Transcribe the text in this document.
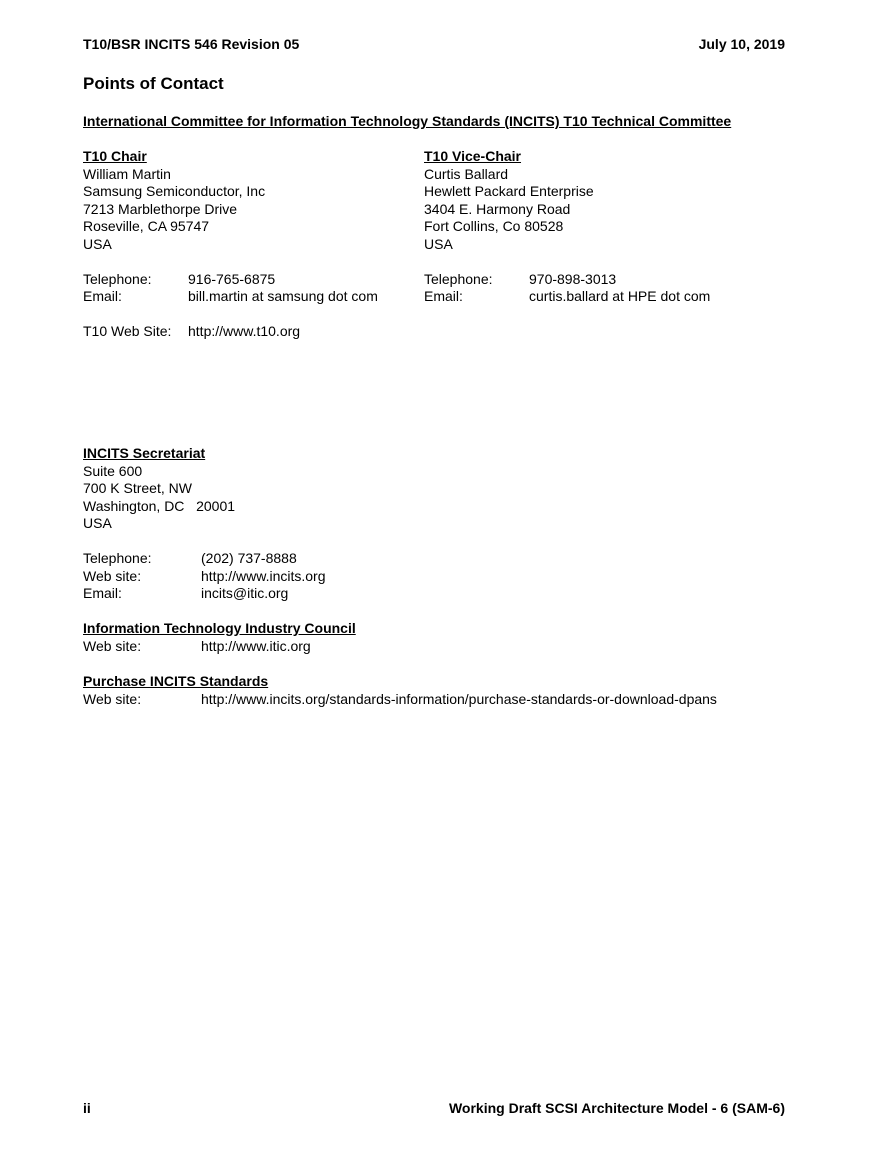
T10/BSR INCITS 546 Revision 05	July 10, 2019
Points of Contact
International Committee for Information Technology Standards (INCITS) T10 Technical Committee
T10 Chair
William Martin
Samsung Semiconductor, Inc
7213 Marblethorpe Drive
Roseville, CA 95747
USA
Telephone:	916-765-6875
Email:	bill.martin at samsung dot com
T10 Vice-Chair
Curtis Ballard
Hewlett Packard Enterprise
3404 E. Harmony Road
Fort Collins, Co 80528
USA
Telephone:	970-898-3013
Email:	curtis.ballard at HPE dot com
T10 Web Site: http://www.t10.org
INCITS Secretariat
Suite 600
700 K Street, NW
Washington, DC   20001
USA
Telephone:	(202) 737-8888
Web site:	http://www.incits.org
Email:	incits@itic.org
Information Technology Industry Council
Web site:	http://www.itic.org
Purchase INCITS Standards
Web site:	http://www.incits.org/standards-information/purchase-standards-or-download-dpans
ii	Working Draft SCSI Architecture Model - 6 (SAM-6)
